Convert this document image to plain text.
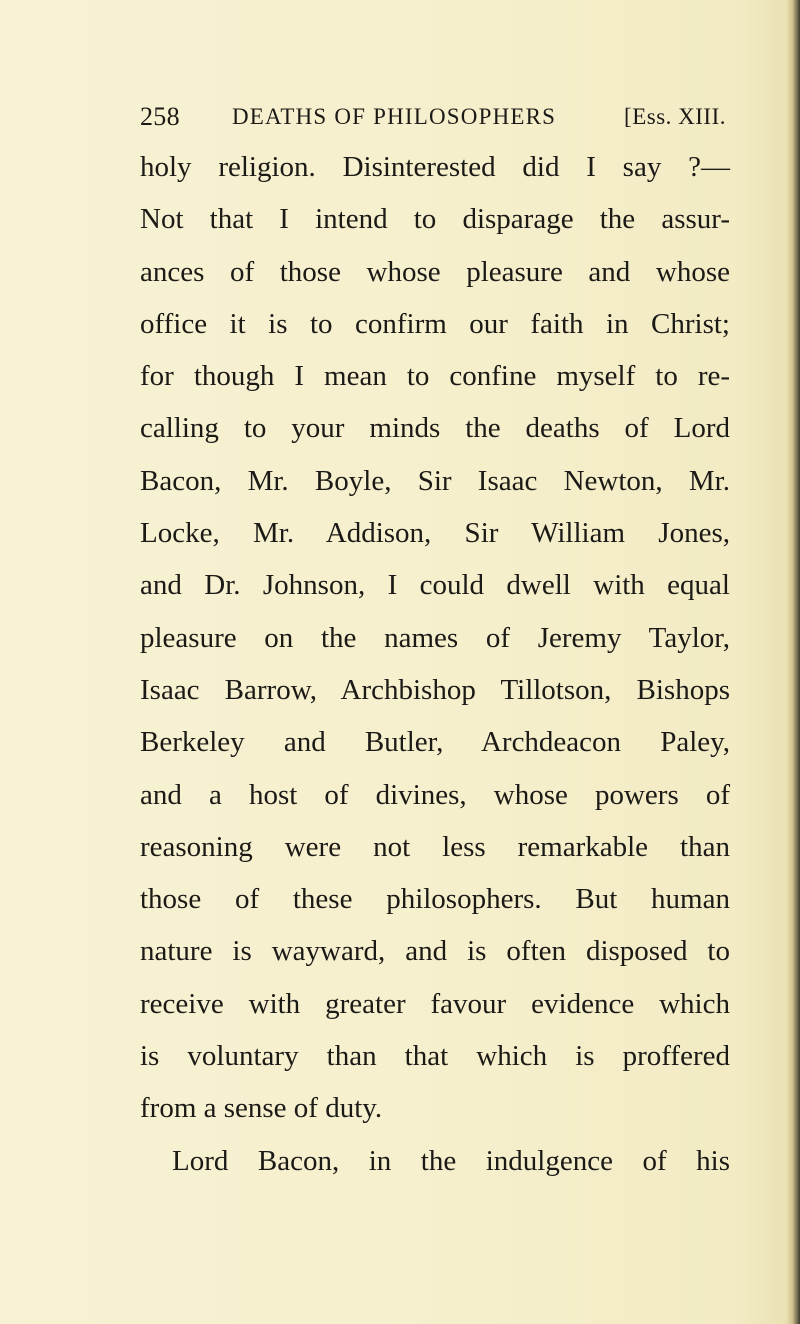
258 DEATHS OF PHILOSOPHERS	[Ess. XIII.
holy religion. Disinterested did I say ?—
Not that I intend to disparage the assur-
ances of those whose pleasure and whose
office it is to confirm our faith in Christ;
for though I mean to confine myself to re-
calling to your minds the deaths of Lord
Bacon, Mr. Boyle, Sir Isaac Newton, Mr.
Locke, Mr. Addison, Sir William Jones,
and Dr. Johnson, I could dwell with equal
pleasure on the names of Jeremy Taylor,
Isaac Barrow, Archbishop Tillotson, Bishops
Berkeley and Butler, Archdeacon Paley,
and a host of divines, whose powers of
reasoning were not less remarkable than
those of these philosophers. But human
nature is wayward, and is often disposed to
receive with greater favour evidence which
is voluntary than that which is proffered
from a sense of duty.
Lord Bacon, in the indulgence of his
